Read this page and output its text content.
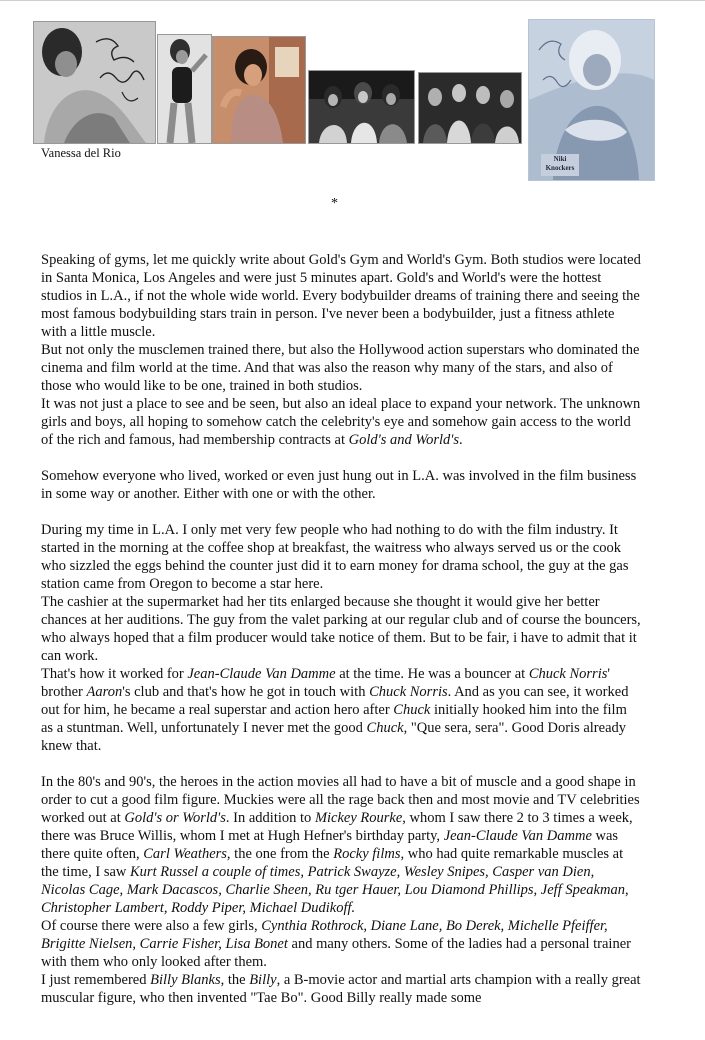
Vanessa del Rio	Niki Knockers
*

Speaking of gyms, let me quickly write about Gold's Gym and World's Gym. Both studios were located in Santa Monica, Los Angeles and were just 5 minutes apart. Gold's and World's were the hottest studios in L.A., if not the whole wide world. Every bodybuilder dreams of training there and seeing the most famous bodybuilding stars train in person. I've never been a bodybuilder, just a fitness athlete with a little muscle.

But not only the musclemen trained there, but also the Hollywood action superstars who dominated the cinema and film world at the time. And that was also the reason why many of the stars, and also of those who would like to be one, trained in both studios.

It was not just a place to see and be seen, but also an ideal place to expand your network. The unknown girls and boys, all hoping to somehow catch the celebrity's eye and somehow gain access to the world of the rich and famous, had membership contracts at Gold's and World's.

Somehow everyone who lived, worked or even just hung out in L.A. was involved in the film business in some way or another. Either with one or with the other.

During my time in L.A. I only met very few people who had nothing to do with the film industry. It started in the morning at the coffee shop at breakfast, the waitress who always served us or the cook who sizzled the eggs behind the counter just did it to earn money for drama school, the guy at the gas station came from Oregon to become a star here.

The cashier at the supermarket had her tits enlarged because she thought it would give her better chances at her auditions. The guy from the valet parking at our regular club and of course the bouncers, who always hoped that a film producer would take notice of them. But to be fair, i have to admit that it can work.

That's how it worked for Jean-Claude Van Damme at the time. He was a bouncer at Chuck Norris' brother Aaron's club and that's how he got in touch with Chuck Norris. And as you can see, it worked out for him, he became a real superstar and action hero after Chuck initially hooked him into the film as a stuntman. Well, unfortunately I never met the good Chuck, "Que sera, sera". Good Doris already knew that.

In the 80's and 90's, the heroes in the action movies all had to have a bit of muscle and a good shape in order to cut a good film figure. Muckies were all the rage back then and most movie and TV celebrities worked out at Gold's or World's. In addition to Mickey Rourke, whom I saw there 2 to 3 times a week, there was Bruce Willis, whom I met at Hugh Hefner's birthday party, Jean-Claude Van Damme was there quite often, Carl Weathers, the one from the Rocky films, who had quite remarkable muscles at the time, I saw Kurt Russel a couple of times, Patrick Swayze, Wesley Snipes, Casper van Dien, Nicolas Cage, Mark Dacascos, Charlie Sheen, Ru tger Hauer, Lou Diamond Phillips, Jeff Speakman, Christopher Lambert, Roddy Piper, Michael Dudikoff.

Of course there were also a few girls, Cynthia Rothrock, Diane Lane, Bo Derek, Michelle Pfeiffer, Brigitte Nielsen, Carrie Fisher, Lisa Bonet and many others. Some of the ladies had a personal trainer with them who only looked after them.

I just remembered Billy Blanks, the Billy, a B-movie actor and martial arts champion with a really great muscular figure, who then invented "Tae Bo". Good Billy really made some
